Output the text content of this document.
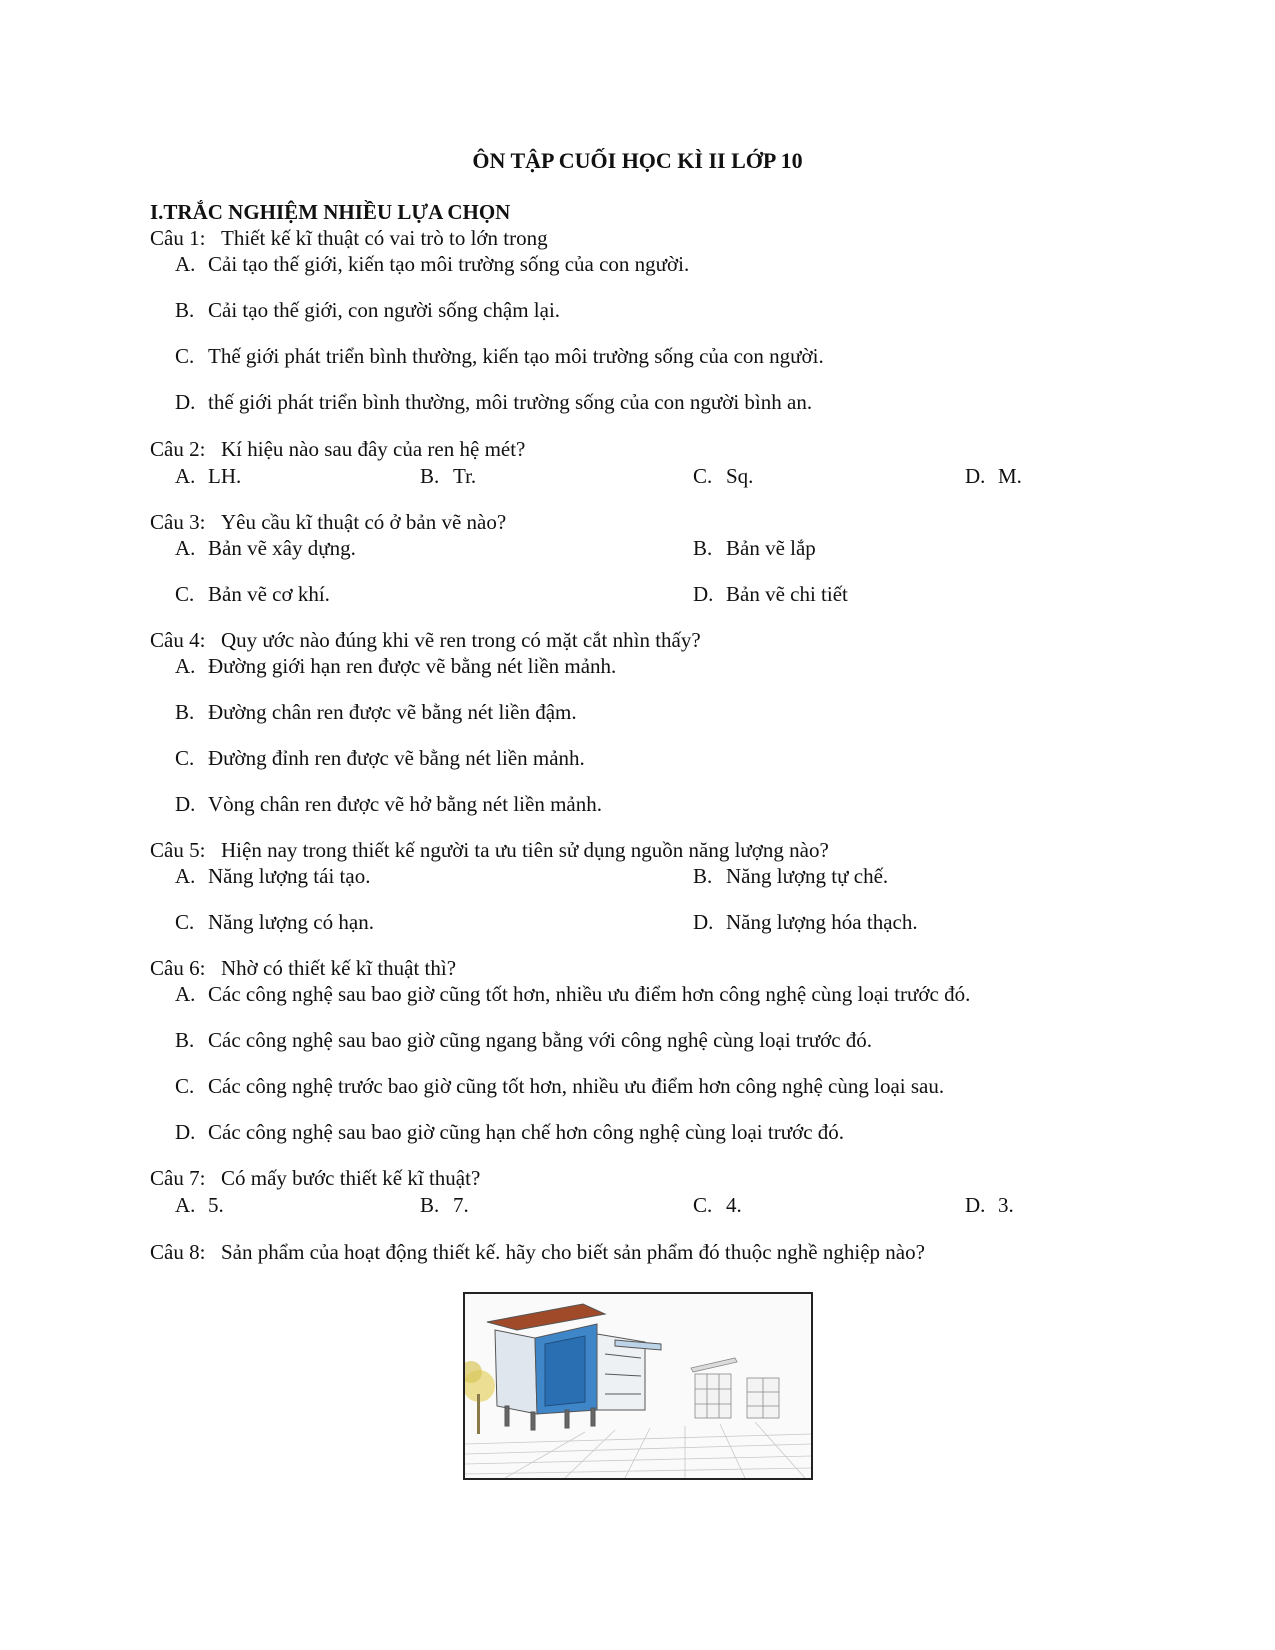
ÔN TẬP CUỐI HỌC KÌ II LỚP 10
I.TRẮC NGHIỆM NHIỀU LỰA CHỌN
Câu 1: Thiết kế kĩ thuật có vai trò to lớn trong
A. Cải tạo thế giới, kiến tạo môi trường sống của con người.
B. Cải tạo thế giới, con người sống chậm lại.
C. Thế giới phát triển bình thường, kiến tạo môi trường sống của con người.
D. thế giới phát triển bình thường, môi trường sống của con người bình an.
Câu 2: Kí hiệu nào sau đây của ren hệ mét?
A. LH.	B. Tr.	C. Sq.	D. M.
Câu 3: Yêu cầu kĩ thuật có ở bản vẽ nào?
A. Bản vẽ xây dựng.	B. Bản vẽ lắp
C. Bản vẽ cơ khí.	D. Bản vẽ chi tiết
Câu 4: Quy ước nào đúng khi vẽ ren trong có mặt cắt nhìn thấy?
A. Đường giới hạn ren được vẽ bằng nét liền mảnh.
B. Đường chân ren được vẽ bằng nét liền đậm.
C. Đường đỉnh ren được vẽ bằng nét liền mảnh.
D. Vòng chân ren được vẽ hở bằng nét liền mảnh.
Câu 5: Hiện nay trong thiết kế người ta ưu tiên sử dụng nguồn năng lượng nào?
A. Năng lượng tái tạo.	B. Năng lượng tự chế.
C. Năng lượng có hạn.	D. Năng lượng hóa thạch.
Câu 6: Nhờ có thiết kế kĩ thuật thì?
A. Các công nghệ sau bao giờ cũng tốt hơn, nhiều ưu điểm hơn công nghệ cùng loại trước đó.
B. Các công nghệ sau bao giờ cũng ngang bằng với công nghệ cùng loại trước đó.
C. Các công nghệ trước bao giờ cũng tốt hơn, nhiều ưu điểm hơn công nghệ cùng loại sau.
D. Các công nghệ sau bao giờ cũng hạn chế hơn công nghệ cùng loại trước đó.
Câu 7: Có mấy bước thiết kế kĩ thuật?
A. 5.	B. 7.	C. 4.	D. 3.
Câu 8: Sản phẩm của hoạt động thiết kế. hãy cho biết sản phẩm đó thuộc nghề nghiệp nào?
